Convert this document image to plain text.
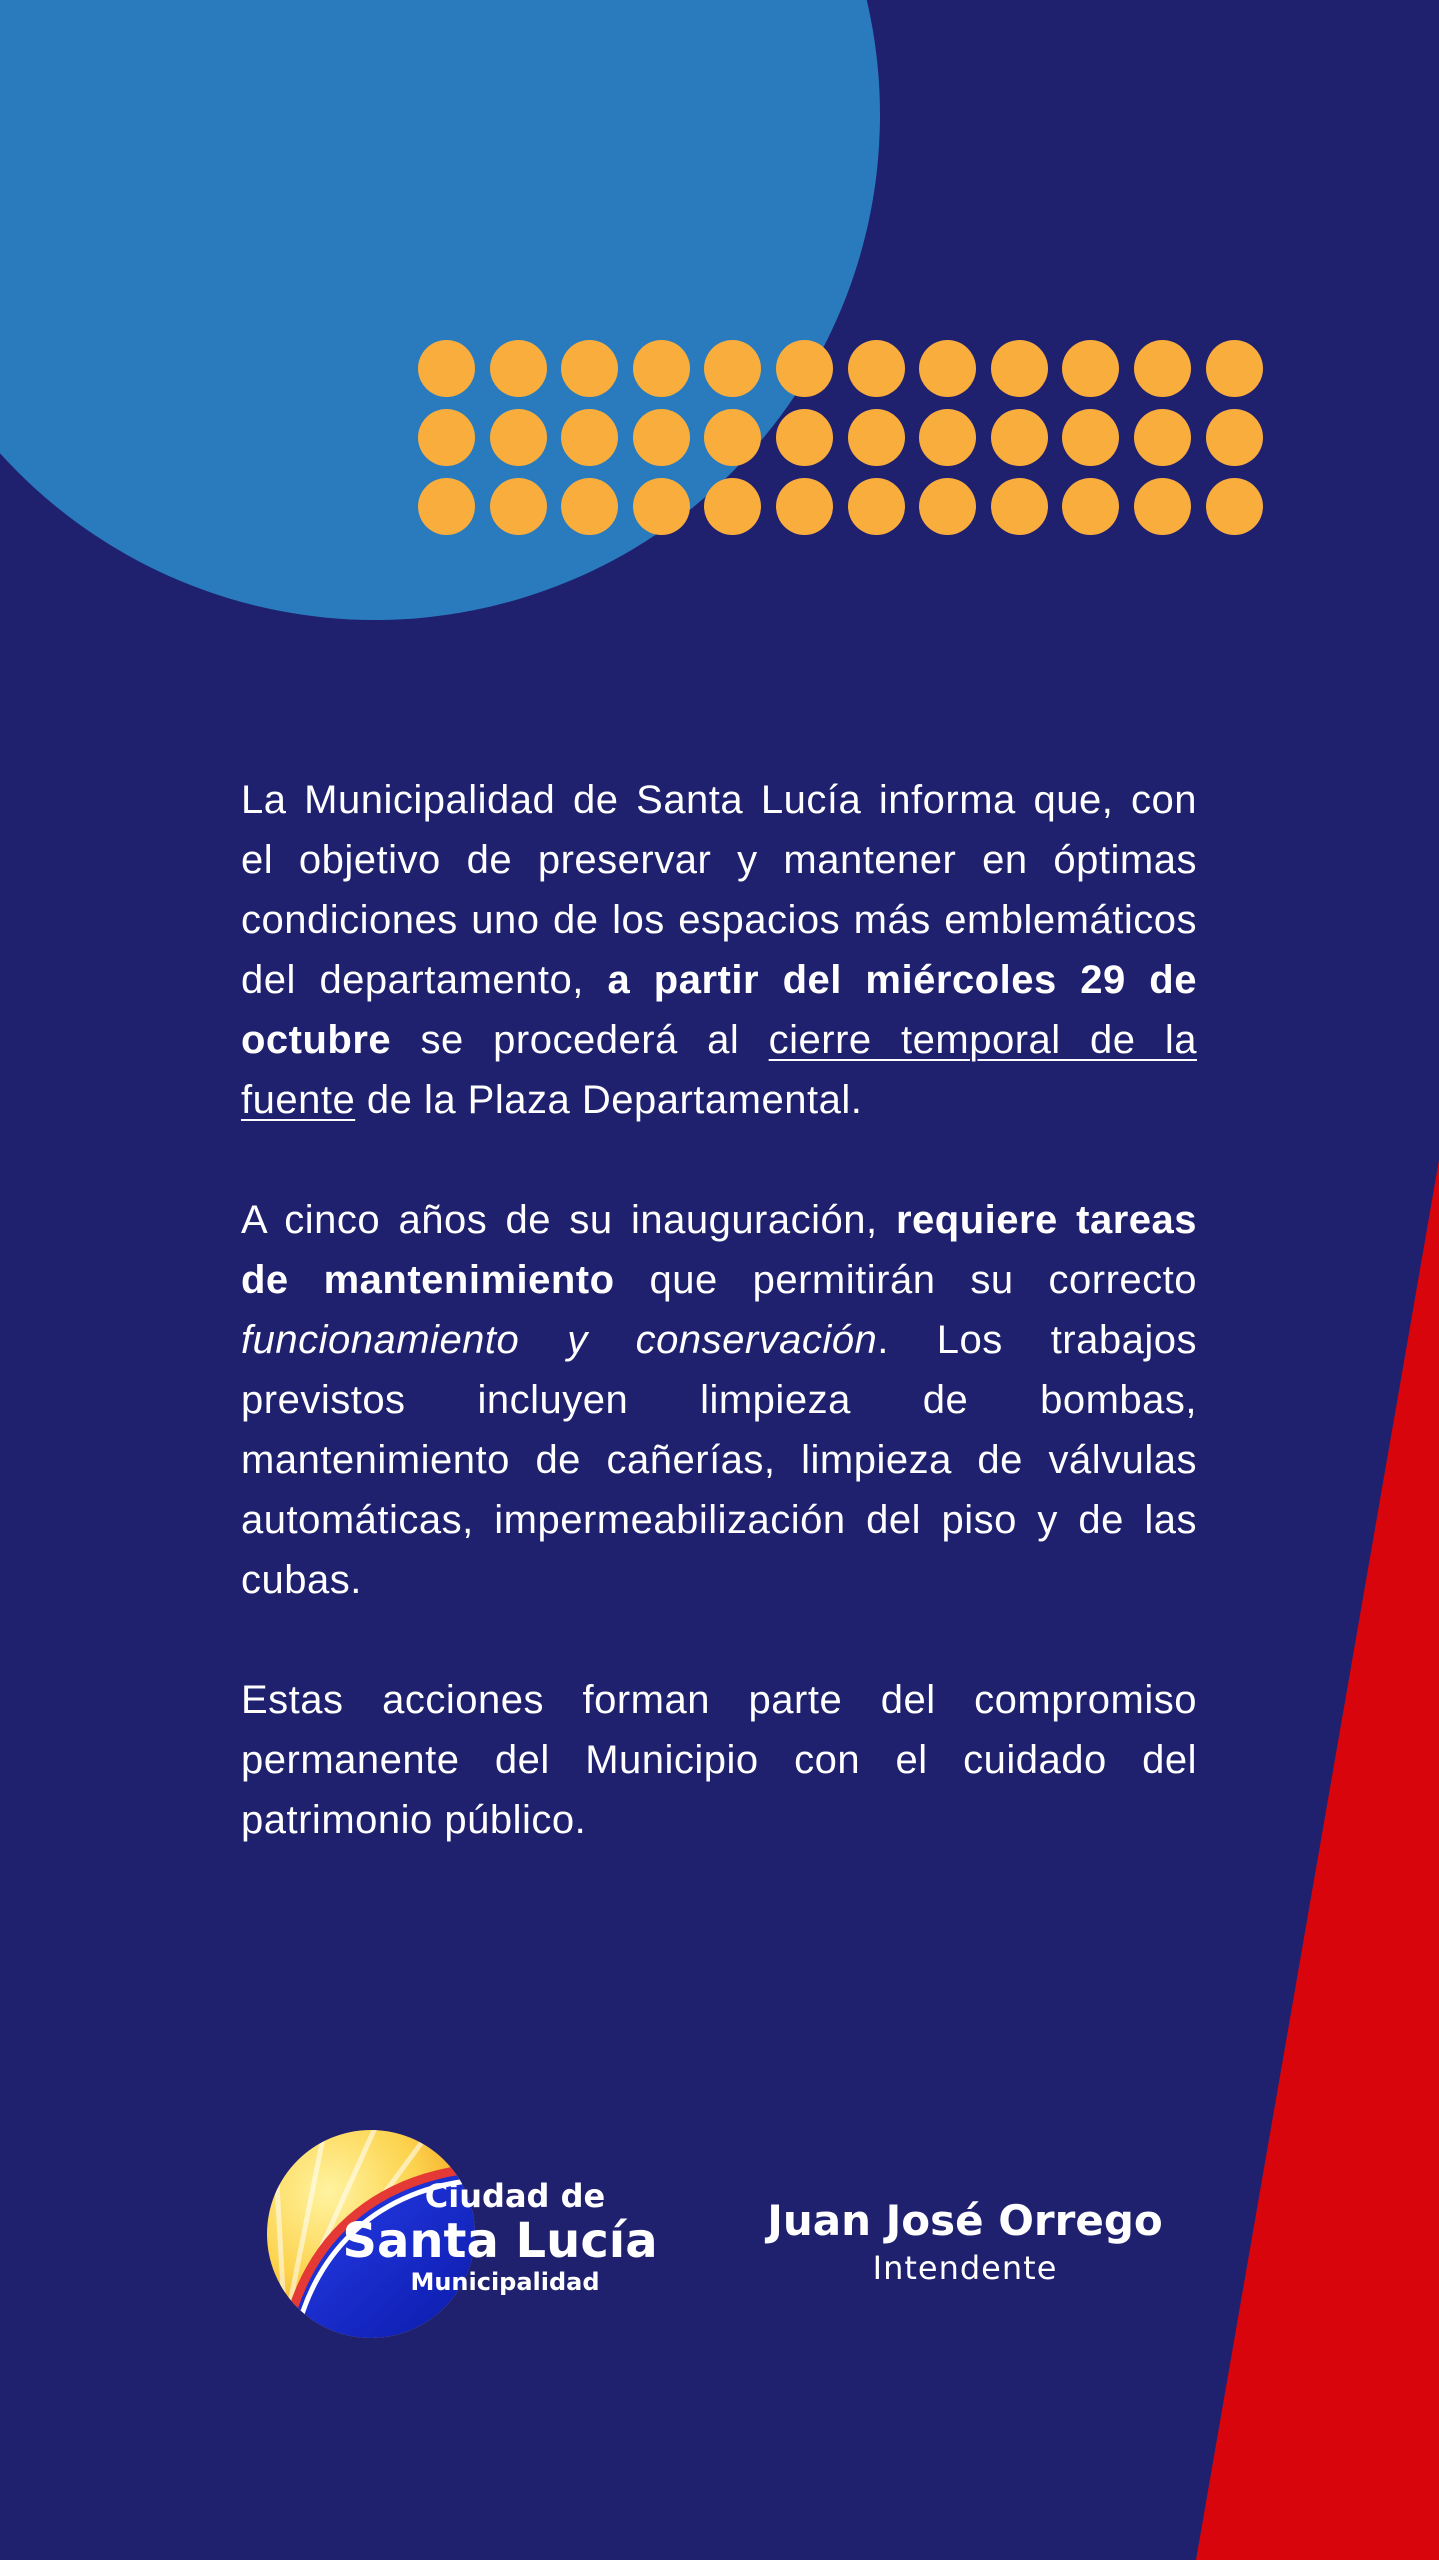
La Municipalidad de Santa Lucía informa que, con el objetivo de preservar y mantener en óptimas condiciones uno de los espacios más emblemáticos del departamento, a partir del miércoles 29 de octubre se procederá al cierre temporal de la fuente de la Plaza Departamental.

A cinco años de su inauguración, requiere tareas de mantenimiento que permitirán su correcto funcionamiento y conservación. Los trabajos previstos incluyen limpieza de bombas, mantenimiento de cañerías, limpieza de válvulas automáticas, impermeabilización del piso y de las cubas.

Estas acciones forman parte del compromiso permanente del Municipio con el cuidado del patrimonio público.

Ciudad de
Santa Lucía
Municipalidad
Juan José Orrego
Intendente
